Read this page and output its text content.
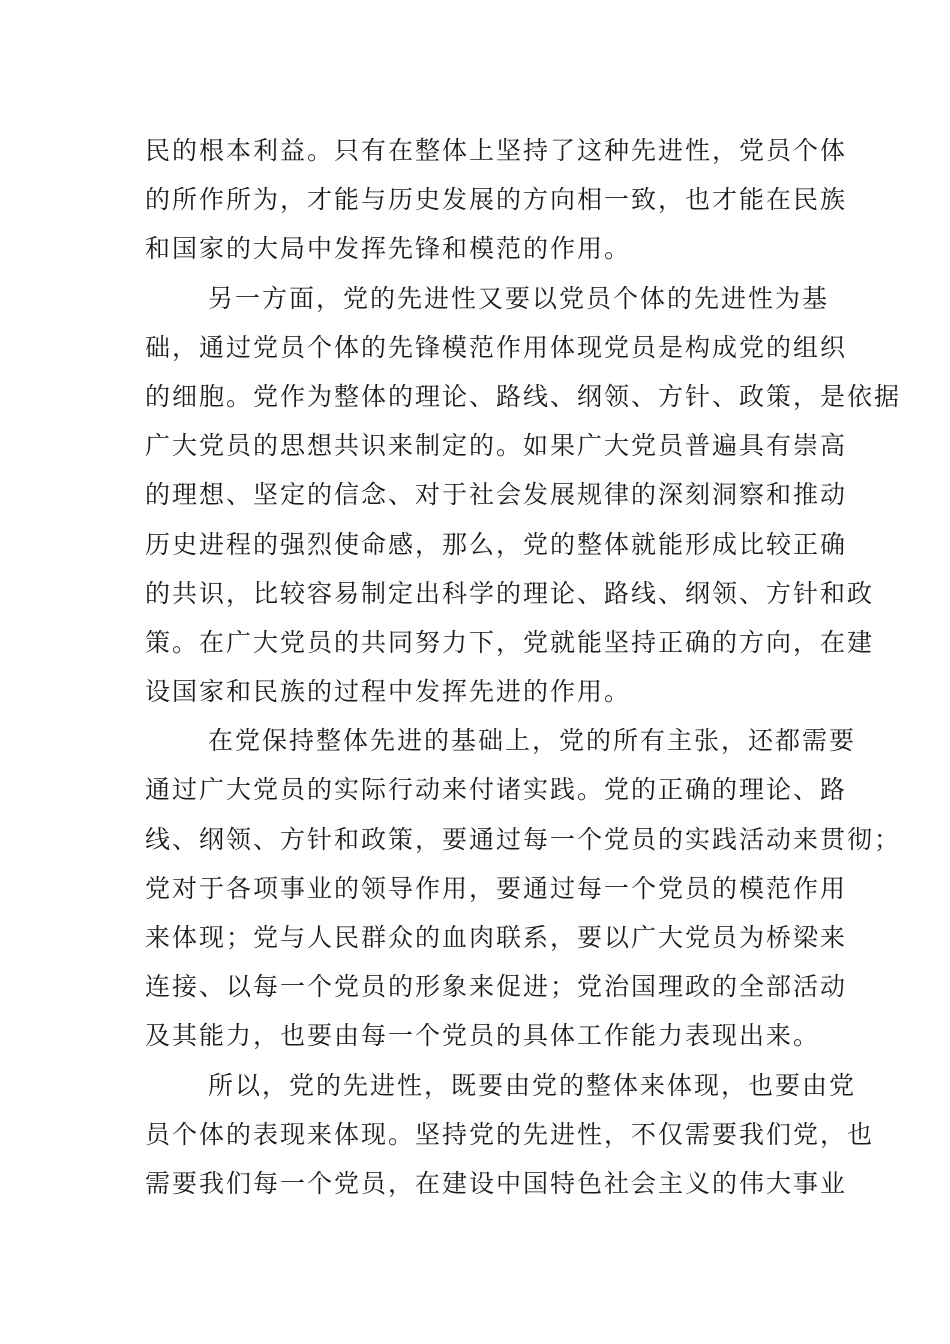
民的根本利益。只有在整体上坚持了这种先进性，党员个体
的所作所为，才能与历史发展的方向相一致，也才能在民族
和国家的大局中发挥先锋和模范的作用。
另一方面，党的先进性又要以党员个体的先进性为基
础，通过党员个体的先锋模范作用体现党员是构成党的组织
的细胞。党作为整体的理论、路线、纲领、方针、政策，是依据
广大党员的思想共识来制定的。如果广大党员普遍具有崇高
的理想、坚定的信念、对于社会发展规律的深刻洞察和推动
历史进程的强烈使命感，那么，党的整体就能形成比较正确
的共识，比较容易制定出科学的理论、路线、纲领、方针和政
策。在广大党员的共同努力下，党就能坚持正确的方向，在建
设国家和民族的过程中发挥先进的作用。
在党保持整体先进的基础上，党的所有主张，还都需要
通过广大党员的实际行动来付诸实践。党的正确的理论、路
线、纲领、方针和政策，要通过每一个党员的实践活动来贯彻；
党对于各项事业的领导作用，要通过每一个党员的模范作用
来体现；党与人民群众的血肉联系，要以广大党员为桥梁来
连接、以每一个党员的形象来促进；党治国理政的全部活动
及其能力，也要由每一个党员的具体工作能力表现出来。
所以，党的先进性，既要由党的整体来体现，也要由党
员个体的表现来体现。坚持党的先进性，不仅需要我们党，也
需要我们每一个党员，在建设中国特色社会主义的伟大事业
